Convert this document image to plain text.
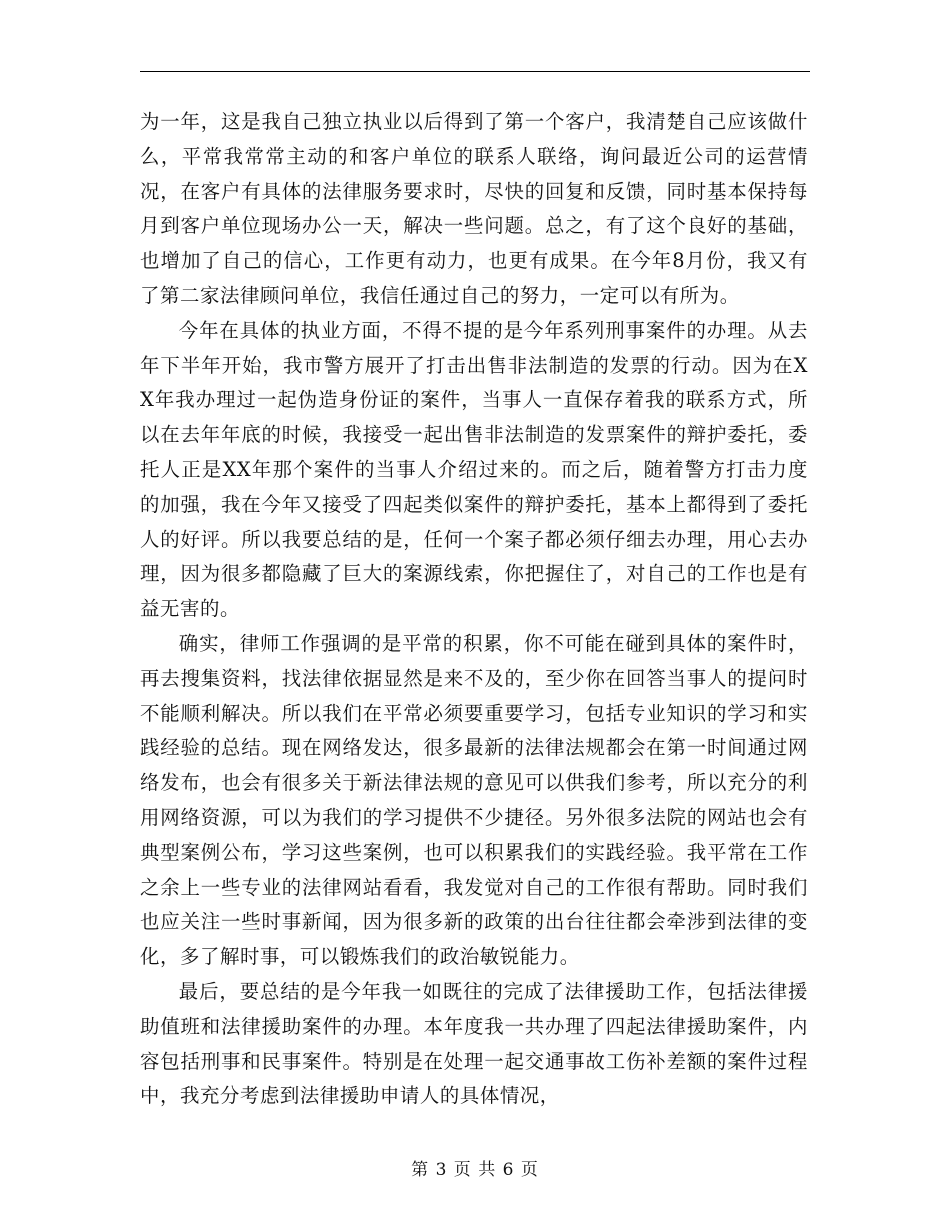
为一年，这是我自己独立执业以后得到了第一个客户，我清楚自己应该做什么，平常我常常主动的和客户单位的联系人联络，询问最近公司的运营情况，在客户有具体的法律服务要求时，尽快的回复和反馈，同时基本保持每月到客户单位现场办公一天，解决一些问题。总之，有了这个良好的基础，也增加了自己的信心，工作更有动力，也更有成果。在今年8月份，我又有了第二家法律顾问单位，我信任通过自己的努力，一定可以有所为。

今年在具体的执业方面，不得不提的是今年系列刑事案件的办理。从去年下半年开始，我市警方展开了打击出售非法制造的发票的行动。因为在XX年我办理过一起伪造身份证的案件，当事人一直保存着我的联系方式，所以在去年年底的时候，我接受一起出售非法制造的发票案件的辩护委托，委托人正是XX年那个案件的当事人介绍过来的。而之后，随着警方打击力度的加强，我在今年又接受了四起类似案件的辩护委托，基本上都得到了委托人的好评。所以我要总结的是，任何一个案子都必须仔细去办理，用心去办理，因为很多都隐藏了巨大的案源线索，你把握住了，对自己的工作也是有益无害的。

确实，律师工作强调的是平常的积累，你不可能在碰到具体的案件时，再去搜集资料，找法律依据显然是来不及的，至少你在回答当事人的提问时不能顺利解决。所以我们在平常必须要重要学习，包括专业知识的学习和实践经验的总结。现在网络发达，很多最新的法律法规都会在第一时间通过网络发布，也会有很多关于新法律法规的意见可以供我们参考，所以充分的利用网络资源，可以为我们的学习提供不少捷径。另外很多法院的网站也会有典型案例公布，学习这些案例，也可以积累我们的实践经验。我平常在工作之余上一些专业的法律网站看看，我发觉对自己的工作很有帮助。同时我们也应关注一些时事新闻，因为很多新的政策的出台往往都会牵涉到法律的变化，多了解时事，可以锻炼我们的政治敏锐能力。

最后，要总结的是今年我一如既往的完成了法律援助工作，包括法律援助值班和法律援助案件的办理。本年度我一共办理了四起法律援助案件，内容包括刑事和民事案件。特别是在处理一起交通事故工伤补差额的案件过程中，我充分考虑到法律援助申请人的具体情况，

第 3 页 共 6 页
